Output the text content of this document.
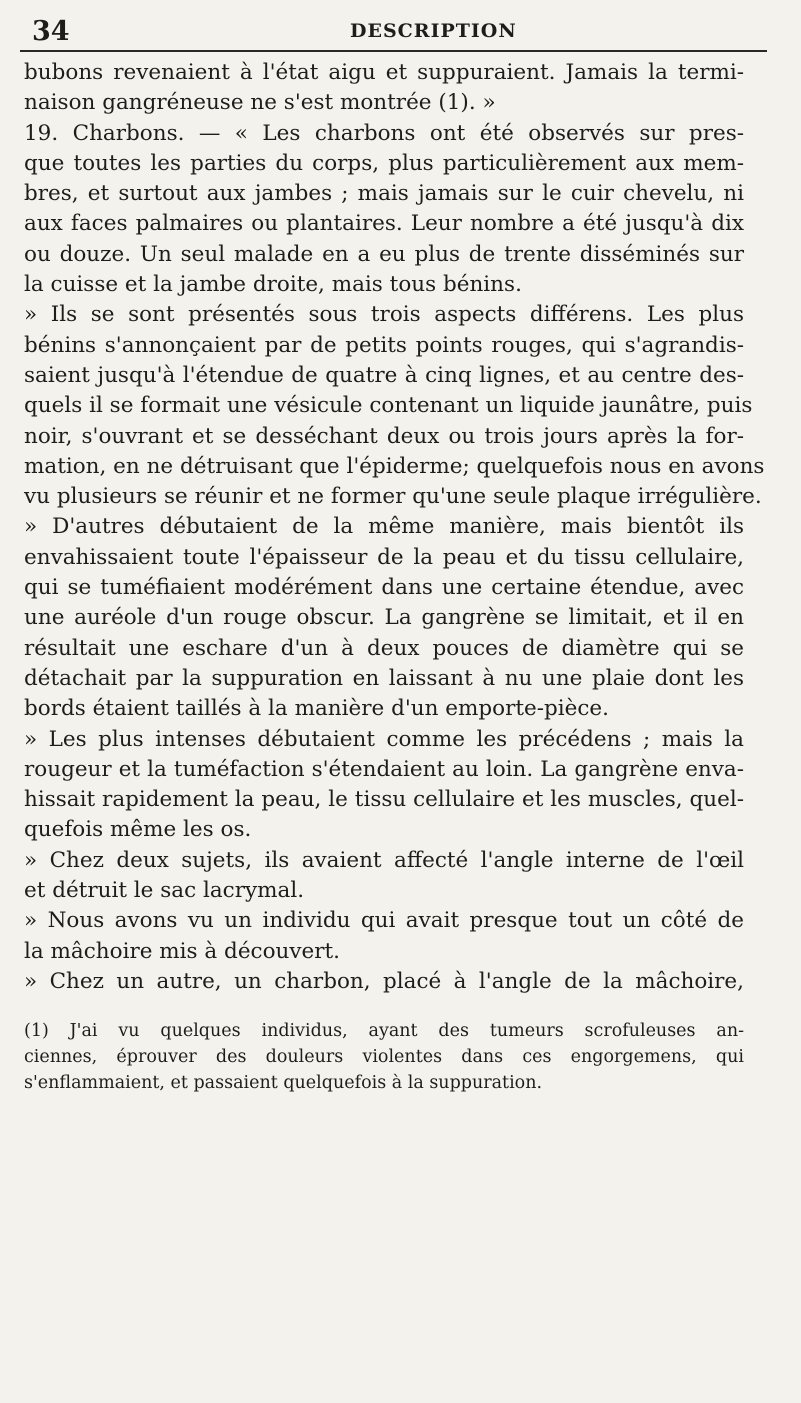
34	DESCRIPTION
bubons revenaient à l'état aigu et suppuraient. Jamais la termi-
naison gangréneuse ne s'est montrée (1). »
19. Charbons. — « Les charbons ont été observés sur pres-
que toutes les parties du corps, plus particulièrement aux mem-
bres, et surtout aux jambes ; mais jamais sur le cuir chevelu, ni
aux faces palmaires ou plantaires. Leur nombre a été jusqu'à dix
ou douze. Un seul malade en a eu plus de trente disséminés sur
la cuisse et la jambe droite, mais tous bénins.
» Ils se sont présentés sous trois aspects différens. Les plus
bénins s'annonçaient par de petits points rouges, qui s'agrandis-
saient jusqu'à l'étendue de quatre à cinq lignes, et au centre des-
quels il se formait une vésicule contenant un liquide jaunâtre, puis
noir, s'ouvrant et se desséchant deux ou trois jours après la for-
mation, en ne détruisant que l'épiderme; quelquefois nous en avons
vu plusieurs se réunir et ne former qu'une seule plaque irrégulière.
» D'autres débutaient de la même manière, mais bientôt ils
envahissaient toute l'épaisseur de la peau et du tissu cellulaire,
qui se tuméfiaient modérément dans une certaine étendue, avec
une auréole d'un rouge obscur. La gangrène se limitait, et il en
résultait une eschare d'un à deux pouces de diamètre qui se
détachait par la suppuration en laissant à nu une plaie dont les
bords étaient taillés à la manière d'un emporte-pièce.
» Les plus intenses débutaient comme les précédens ; mais la
rougeur et la tuméfaction s'étendaient au loin. La gangrène enva-
hissait rapidement la peau, le tissu cellulaire et les muscles, quel-
quefois même les os.
» Chez deux sujets, ils avaient affecté l'angle interne de l'œil
et détruit le sac lacrymal.
» Nous avons vu un individu qui avait presque tout un côté de
la mâchoire mis à découvert.
» Chez un autre, un charbon, placé à l'angle de la mâchoire,
(1) J'ai vu quelques individus, ayant des tumeurs scrofuleuses an-
ciennes, éprouver des douleurs violentes dans ces engorgemens, qui
s'enflammaient, et passaient quelquefois à la suppuration.
